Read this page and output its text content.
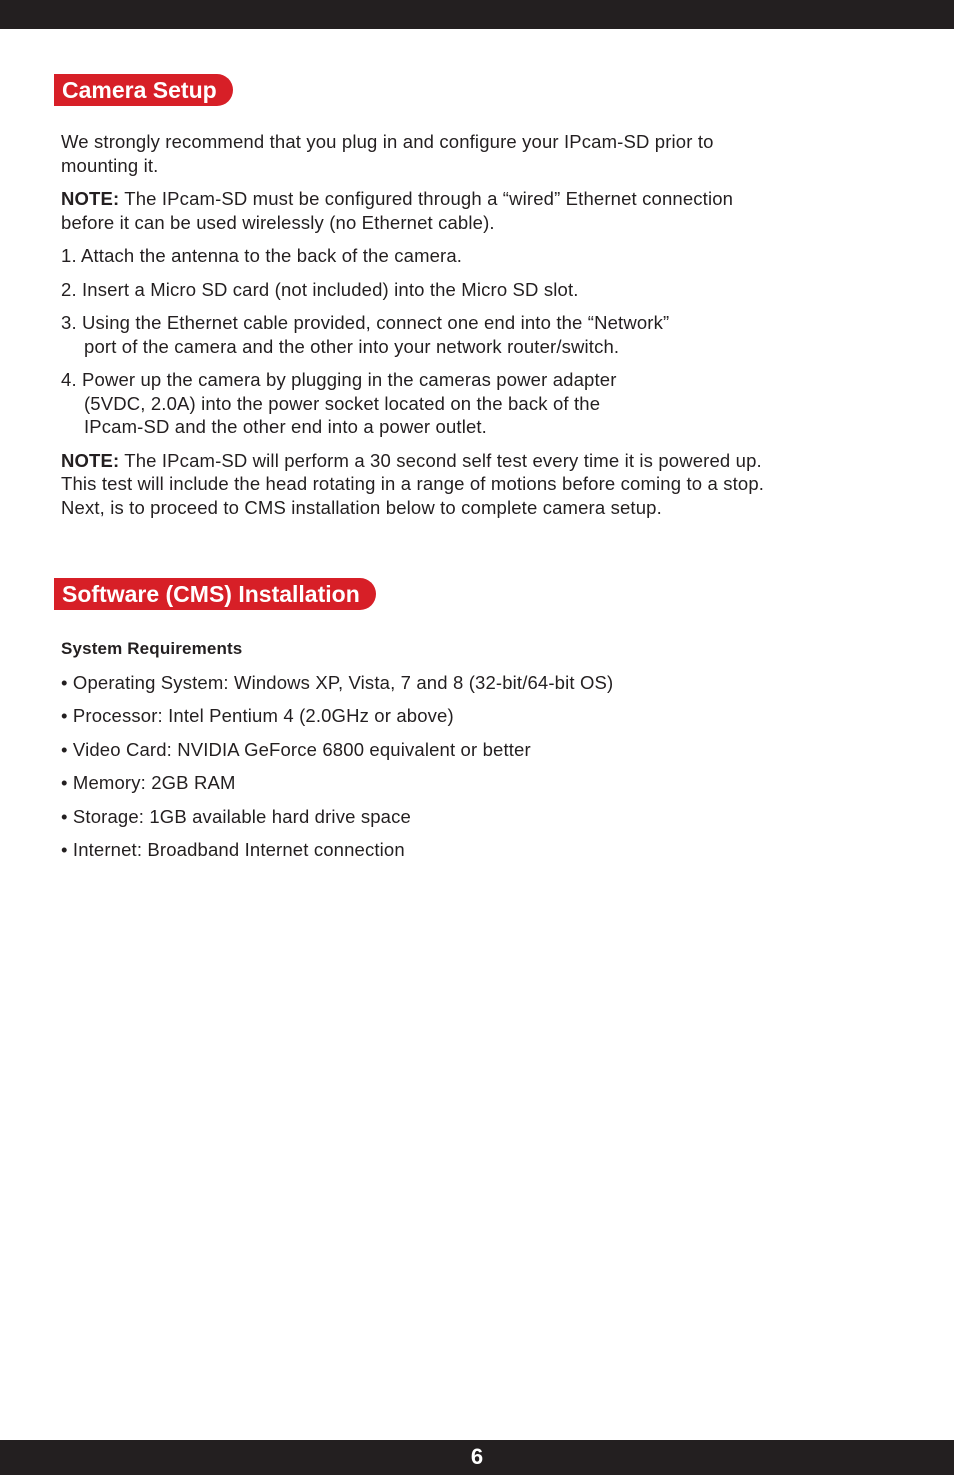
Camera Setup

We strongly recommend that you plug in and configure your IPcam-SD prior to
mounting it.

NOTE: The IPcam-SD must be configured through a “wired” Ethernet connection
before it can be used wirelessly (no Ethernet cable).

1. Attach the antenna to the back of the camera.

2. Insert a Micro SD card (not included) into the Micro SD slot.

3. Using the Ethernet cable provided, connect one end into the “Network”
port of the camera and the other into your network router/switch.

4. Power up the camera by plugging in the cameras power adapter
(5VDC, 2.0A) into the power socket located on the back of the
IPcam-SD and the other end into a power outlet.

NOTE: The IPcam-SD will perform a 30 second self test every time it is powered up.
This test will include the head rotating in a range of motions before coming to a stop.
Next, is to proceed to CMS installation below to complete camera setup.

Software (CMS) Installation

System Requirements

• Operating System: Windows XP, Vista, 7 and 8 (32-bit/64-bit OS)

• Processor: Intel Pentium 4 (2.0GHz or above)

• Video Card: NVIDIA GeForce 6800 equivalent or better

• Memory: 2GB RAM

• Storage: 1GB available hard drive space

• Internet: Broadband Internet connection

6
